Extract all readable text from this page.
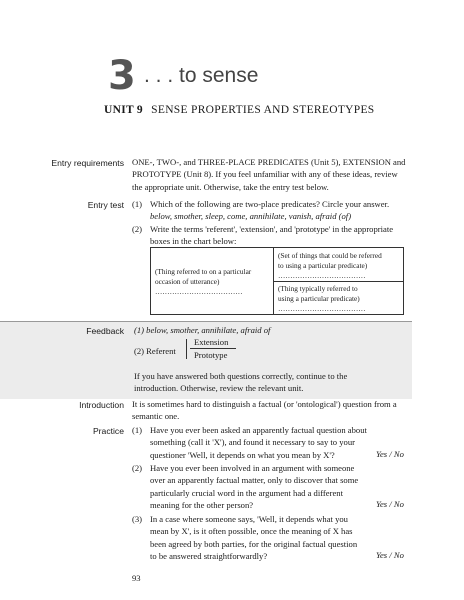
3 . . . to sense
UNIT 9 SENSE PROPERTIES AND STEREOTYPES
Entry requirements ONE-, TWO-, and THREE-PLACE PREDICATES (Unit 5), EXTENSION and
PROTOTYPE (Unit 8). If you feel unfamiliar with any of these ideas, review
the appropriate unit. Otherwise, take the entry test below.
Entry test (1) Which of the following are two-place predicates? Circle your answer.
below, smother, sleep, come, annihilate, vanish, afraid (of)
(2) Write the terms 'referent', 'extension', and 'prototype' in the appropriate
boxes in the chart below:
(Thing referred to on a particular
occasion of utterance)
………………………………
(Set of things that could be referred
to using a particular predicate)
………………………………
(Thing typically referred to
using a particular predicate)
………………………………
Feedback (1) below, smother, annihilate, afraid of
(2) Referent
Extension
Prototype
If you have answered both questions correctly, continue to the
introduction. Otherwise, review the relevant unit.
Introduction It is sometimes hard to distinguish a factual (or 'ontological') question from a
semantic one.
Practice (1) Have you ever been asked an apparently factual question about
something (call it 'X'), and found it necessary to say to your
questioner 'Well, it depends on what you mean by X'?	Yes / No
(2) Have you ever been involved in an argument with someone
over an apparently factual matter, only to discover that some
particularly crucial word in the argument had a different
meaning for the other person?	Yes / No
(3) In a case where someone says, 'Well, it depends what you
mean by X', is it often possible, once the meaning of X has
been agreed by both parties, for the original factual question
to be answered straightforwardly?	Yes / No
93
